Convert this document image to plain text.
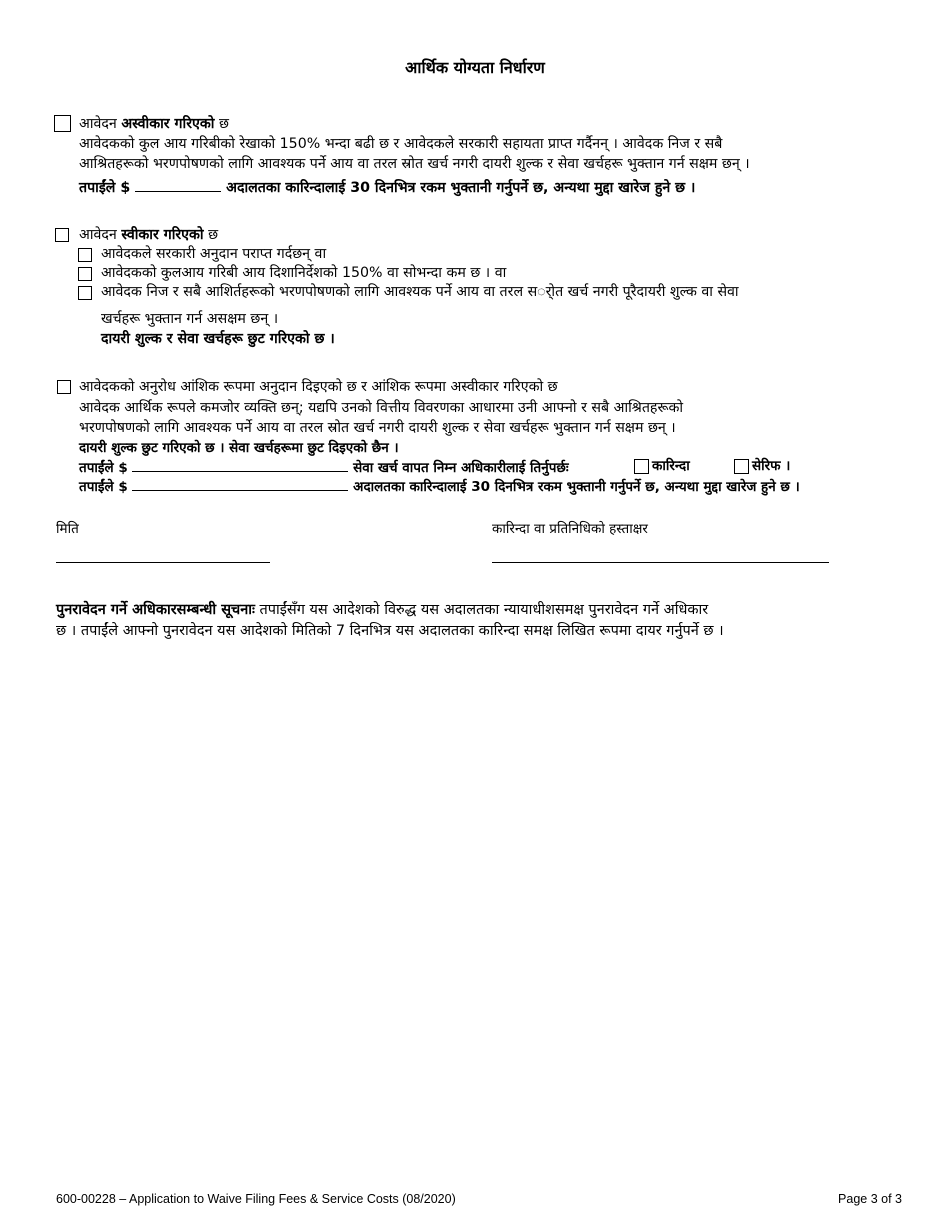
आर्थिक योग्यता निर्धारण
आवेदन अस्वीकार गरिएको छ
आवेदकको कुल आय गरिबीको रेखाको 150% भन्दा बढी छ र आवेदकले सरकारी सहायता प्राप्त गर्दैनन् । आवेदक निज र सबै
आश्रितहरूको भरणपोषणको लागि आवश्यक पर्ने आय वा तरल स्रोत खर्च नगरी दायरी शुल्क र सेवा खर्चहरू भुक्तान गर्न सक्षम छन् ।
तपाईंले $	अदालतका कारिन्दालाई 30 दिनभित्र रकम भुक्तानी गर्नुपर्ने छ, अन्यथा मुद्दा खारेज हुने छ ।
आवेदन स्वीकार गरिएको छ
आवेदकले सरकारी अनुदान पराप्त गर्दछन् वा
आवेदकको कुलआय गरिबी आय दिशानिर्देशको 150% वा सोभन्दा कम छ । वा
आवेदक निज र सबै आशिर्तहरूको भरणपोषणको लागि आवश्यक पर्ने आय वा तरल सर्ोत खर्च नगरी पूरैदायरी शुल्क वा सेवा
खर्चहरू भुक्तान गर्न असक्षम छन् ।
दायरी शुल्क र सेवा खर्चहरू छुट गरिएको छ ।
आवेदकको अनुरोध आंशिक रूपमा अनुदान दिइएको छ र आंशिक रूपमा अस्वीकार गरिएको छ
आवेदक आर्थिक रूपले कमजोर व्यक्ति छन्; यद्यपि उनको वित्तीय विवरणका आधारमा उनी आफ्नो र सबै आश्रितहरूको
भरणपोषणको लागि आवश्यक पर्ने आय वा तरल स्रोत खर्च नगरी दायरी शुल्क र सेवा खर्चहरू भुक्तान गर्न सक्षम छन् ।
दायरी शुल्क छुट गरिएको छ । सेवा खर्चहरूमा छुट दिइएको छैन ।
तपाईंले $	सेवा खर्च वापत निम्न अधिकारीलाई तिर्नुपर्छः	कारिन्दा	सेरिफ ।
तपाईंले $	अदालतका कारिन्दालाई 30 दिनभित्र रकम भुक्तानी गर्नुपर्ने छ, अन्यथा मुद्दा खारेज हुने छ ।
मिति	कारिन्दा वा प्रतिनिधिको हस्ताक्षर
पुनरावेदन गर्ने अधिकारसम्बन्धी सूचनाः तपाईंसँग यस आदेशको विरुद्ध यस अदालतका न्यायाधीशसमक्ष पुनरावेदन गर्ने अधिकार
छ । तपाईंले आफ्नो पुनरावेदन यस आदेशको मितिको 7 दिनभित्र यस अदालतका कारिन्दा समक्ष लिखित रूपमा दायर गर्नुपर्ने छ ।
600-00228 – Application to Waive Filing Fees & Service Costs (08/2020)	Page 3 of 3
